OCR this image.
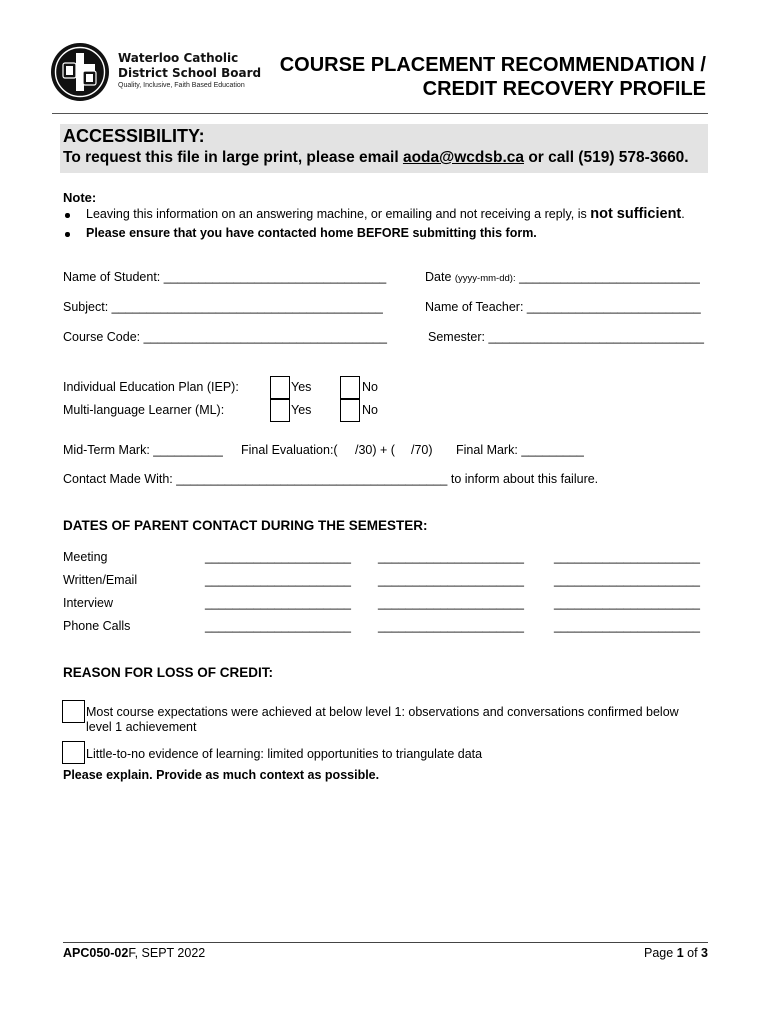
Waterloo Catholic
District School Board
Quality, Inclusive, Faith Based Education
COURSE PLACEMENT RECOMMENDATION /
CREDIT RECOVERY PROFILE
ACCESSIBILITY:
To request this file in large print, please email aoda@wcdsb.ca or call (519) 578-3660.
Note:
Leaving this information on an answering machine, or emailing and not receiving a reply, is not sufficient.
Please ensure that you have contacted home BEFORE submitting this form.
Name of Student: ________________________________	Date (yyyy-mm-dd): __________________________
Subject: _______________________________________	Name of Teacher: _________________________
Course Code: ___________________________________	Semester: _______________________________
Individual Education Plan (IEP):	Yes	No
Multi-language Learner (ML):	Yes	No
Mid-Term Mark: __________ Final Evaluation:( /30) + ( /70) Final Mark: _________
Contact Made With: _______________________________________ to inform about this failure.
DATES OF PARENT CONTACT DURING THE SEMESTER:
Meeting	_____________________ _____________________ _____________________
Written/Email	_____________________ _____________________ _____________________
Interview	_____________________ _____________________ _____________________
Phone Calls	_____________________ _____________________ _____________________
REASON FOR LOSS OF CREDIT:
Most course expectations were achieved at below level 1: observations and conversations confirmed below
level 1 achievement
Little-to-no evidence of learning: limited opportunities to triangulate data
Please explain. Provide as much context as possible.
APC050-02F, SEPT 2022	Page 1 of 3
